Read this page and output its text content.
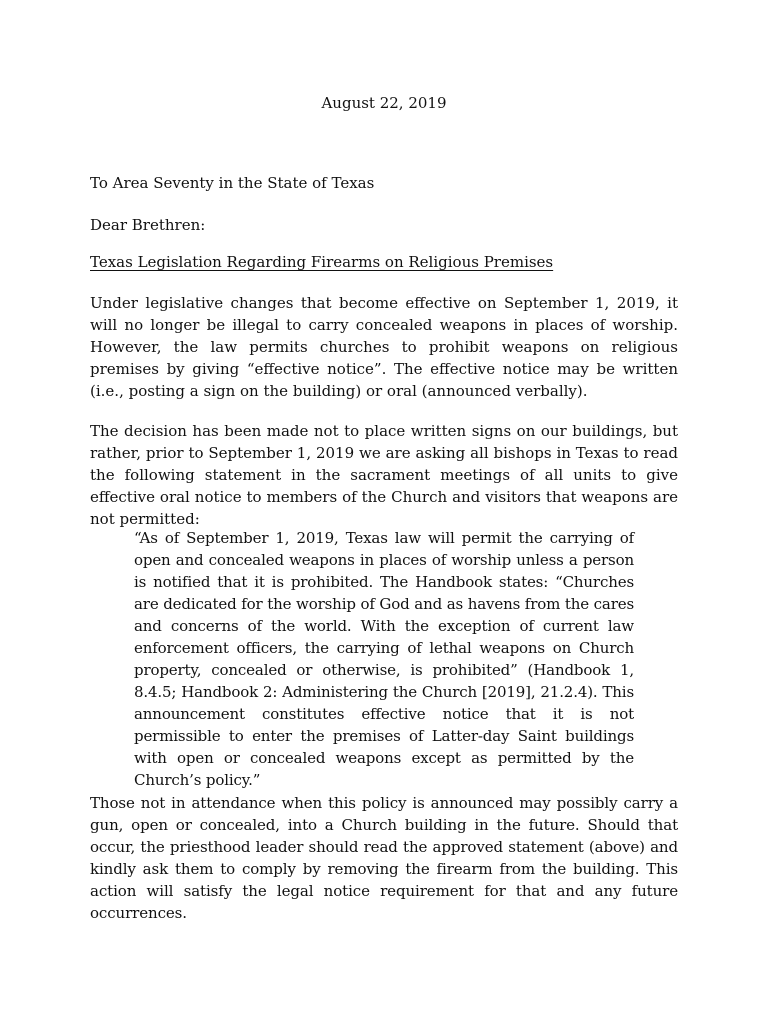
August 22, 2019
To Area Seventy in the State of Texas
Dear Brethren:
Texas Legislation Regarding Firearms on Religious Premises
Under legislative changes that become effective on September 1, 2019, it will no longer be illegal to carry concealed weapons in places of worship. However, the law permits churches to prohibit weapons on religious premises by giving “effective notice”. The effective notice may be written (i.e., posting a sign on the building) or oral (announced verbally).
The decision has been made not to place written signs on our buildings, but rather, prior to September 1, 2019 we are asking all bishops in Texas to read the following statement in the sacrament meetings of all units to give effective oral notice to members of the Church and visitors that weapons are not permitted:
“As of September 1, 2019, Texas law will permit the carrying of open and concealed weapons in places of worship unless a person is notified that it is prohibited. The Handbook states: “Churches are dedicated for the worship of God and as havens from the cares and concerns of the world. With the exception of current law enforcement officers, the carrying of lethal weapons on Church property, concealed or otherwise, is prohibited” (Handbook 1, 8.4.5; Handbook 2: Administering the Church [2019], 21.2.4). This announcement constitutes effective notice that it is not permissible to enter the premises of Latter-day Saint buildings with open or concealed weapons except as permitted by the Church’s policy.”
Those not in attendance when this policy is announced may possibly carry a gun, open or concealed, into a Church building in the future. Should that occur, the priesthood leader should read the approved statement (above) and kindly ask them to comply by removing the firearm from the building. This action will satisfy the legal notice requirement for that and any future occurrences.
